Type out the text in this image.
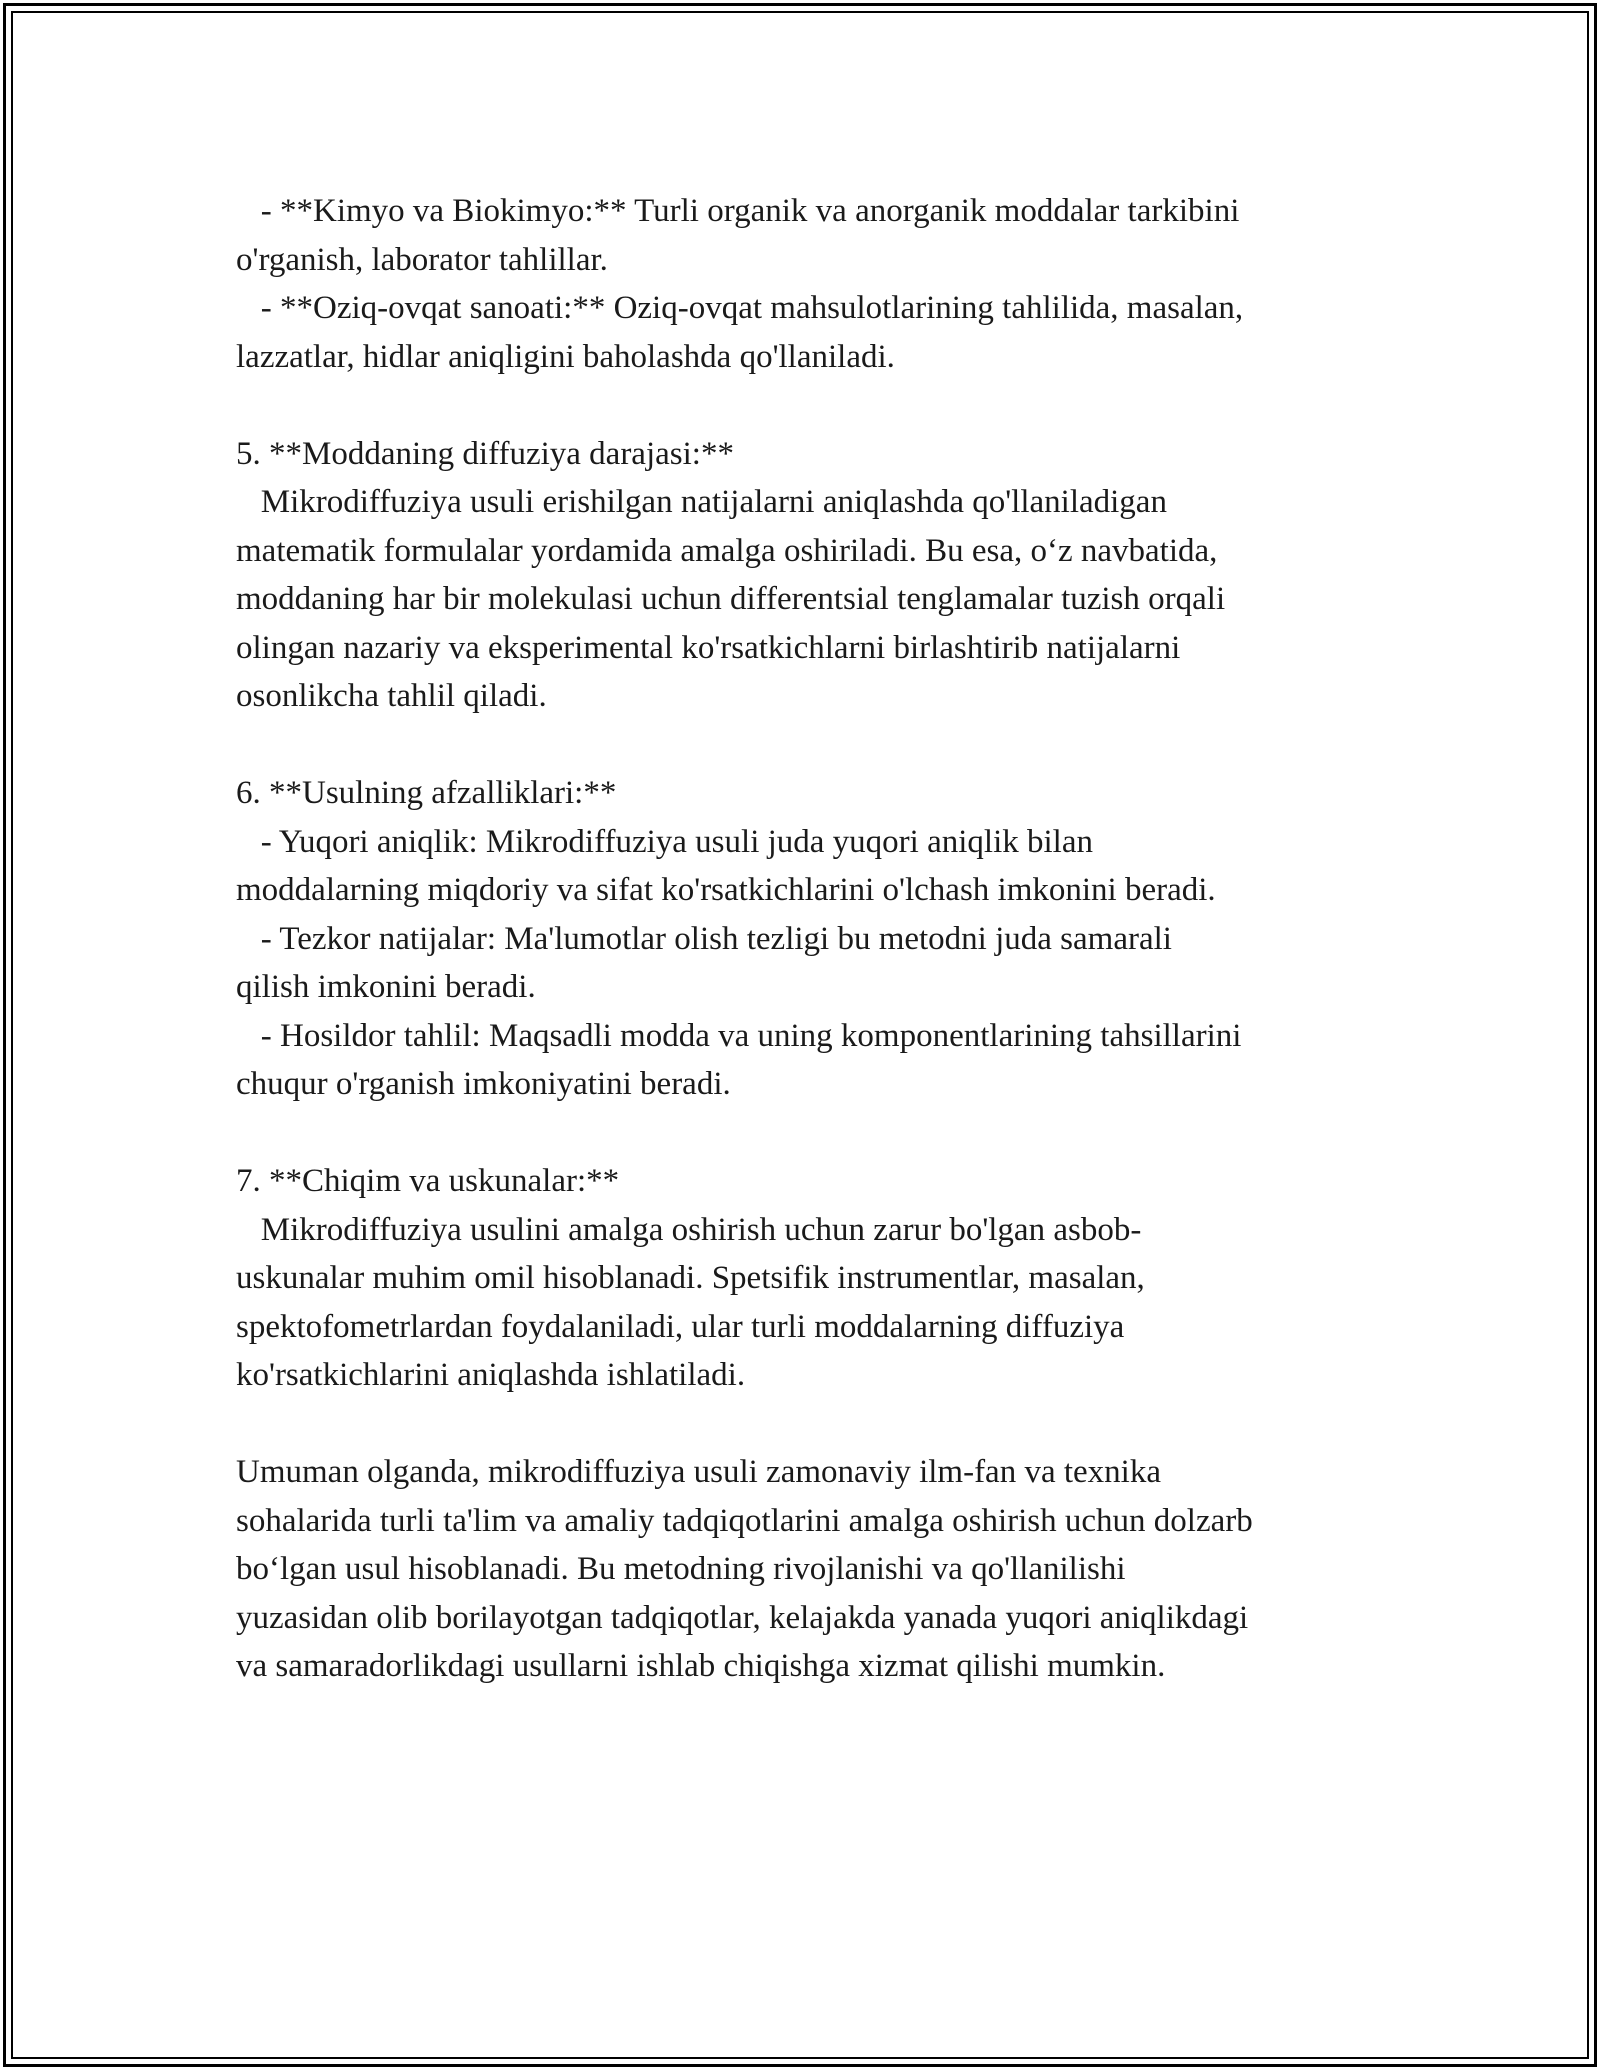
- **Kimyo va Biokimyo:** Turli organik va anorganik moddalar tarkibini
o'rganish, laborator tahlillar.
- **Oziq-ovqat sanoati:** Oziq-ovqat mahsulotlarining tahlilida, masalan,
lazzatlar, hidlar aniqligini baholashda qo'llaniladi.
5. **Moddaning diffuziya darajasi:**
Mikrodiffuziya usuli erishilgan natijalarni aniqlashda qo'llaniladigan
matematik formulalar yordamida amalga oshiriladi. Bu esa, o‘z navbatida,
moddaning har bir molekulasi uchun differentsial tenglamalar tuzish orqali
olingan nazariy va eksperimental ko'rsatkichlarni birlashtirib natijalarni
osonlikcha tahlil qiladi.
6. **Usulning afzalliklari:**
- Yuqori aniqlik: Mikrodiffuziya usuli juda yuqori aniqlik bilan
moddalarning miqdoriy va sifat ko'rsatkichlarini o'lchash imkonini beradi.
- Tezkor natijalar: Ma'lumotlar olish tezligi bu metodni juda samarali
qilish imkonini beradi.
- Hosildor tahlil: Maqsadli modda va uning komponentlarining tahsillarini
chuqur o'rganish imkoniyatini beradi.
7. **Chiqim va uskunalar:**
Mikrodiffuziya usulini amalga oshirish uchun zarur bo'lgan asbob-
uskunalar muhim omil hisoblanadi. Spetsifik instrumentlar, masalan,
spektofometrlardan foydalaniladi, ular turli moddalarning diffuziya
ko'rsatkichlarini aniqlashda ishlatiladi.
Umuman olganda, mikrodiffuziya usuli zamonaviy ilm-fan va texnika
sohalarida turli ta'lim va amaliy tadqiqotlarini amalga oshirish uchun dolzarb
bo‘lgan usul hisoblanadi. Bu metodning rivojlanishi va qo'llanilishi
yuzasidan olib borilayotgan tadqiqotlar, kelajakda yanada yuqori aniqlikdagi
va samaradorlikdagi usullarni ishlab chiqishga xizmat qilishi mumkin.
